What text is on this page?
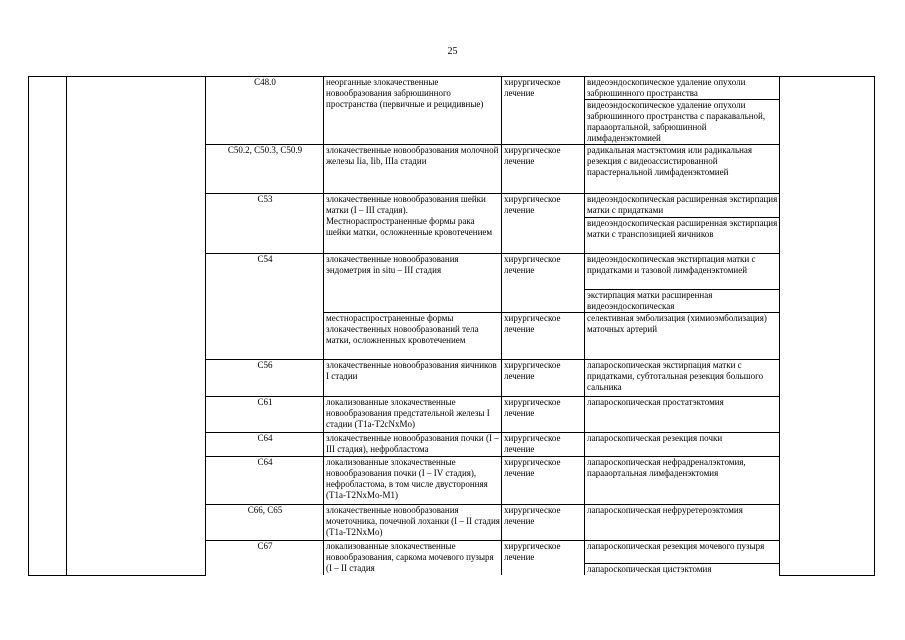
25
		C48.0	неорганные злокачественные новообразования забрюшинного пространства (первичные и рецидивные)	хирургическое лечение	видеоэндоскопическое удаление опухоли забрюшинного пространства	
					видеоэндоскопическое удаление опухоли забрюшинного пространства с паракавальной, парааортальной, забрюшинной лимфаденэктомией	
		C50.2, C50.3, C50.9	злокачественные новообразования молочной железы Iia, Iib, IIIa стадии	хирургическое лечение	радикальная мастэктомия или радикальная резекция с видеоассистированной парастернальной лимфаденэктомией	
		C53	злокачественные новообразования шейки матки (I – III стадия). Местнораспространенные формы рака шейки матки, осложненные кровотечением	хирургическое лечение	видеоэндоскопическая расширенная экстирпация матки с придатками	
					видеоэндоскопическая расширенная экстирпация матки с транспозицией яичников	
		C54	злокачественные новообразования эндометрия in situ – III стадия	хирургическое лечение	видеоэндоскопическая экстирпация матки с придатками и тазовой лимфаденэктомией	
					экстирпация матки расширенная видеоэндоскопическая	
			местнораспространенные формы злокачественных новообразований тела матки, осложненных кровотечением	хирургическое лечение	селективная эмболизация (химиоэмболизация) маточных артерий	
		C56	злокачественные новообразования яичников I стадии	хирургическое лечение	лапароскопическая экстирпация матки с придатками, субтотальная резекция большого сальника	
		C61	локализованные злокачественные новообразования предстательной железы I стадии (T1a-T2cNxMo)	хирургическое лечение	лапароскопическая простатэктомия	
		C64	злокачественные новообразования почки (I – III стадия), нефробластома	хирургическое лечение	лапароскопическая резекция почки	
		C64	локализованные злокачественные новообразования почки (I – IV стадия), нефробластома, в том числе двусторонняя (T1a-T2NxMo-M1)	хирургическое лечение	лапароскопическая нефрадреналэктомия, парааортальная лимфаденэктомия	
		C66, C65	злокачественные новообразования мочеточника, почечной лоханки (I – II стадия (T1a-T2NxMo)	хирургическое лечение	лапароскопическая нефруретероэктомия	
		C67	локализованные злокачественные новообразования, саркома мочевого пузыря (I – II стадия	хирургическое лечение	лапароскопическая резекция мочевого пузыря	
					лапароскопическая цистэктомия	
